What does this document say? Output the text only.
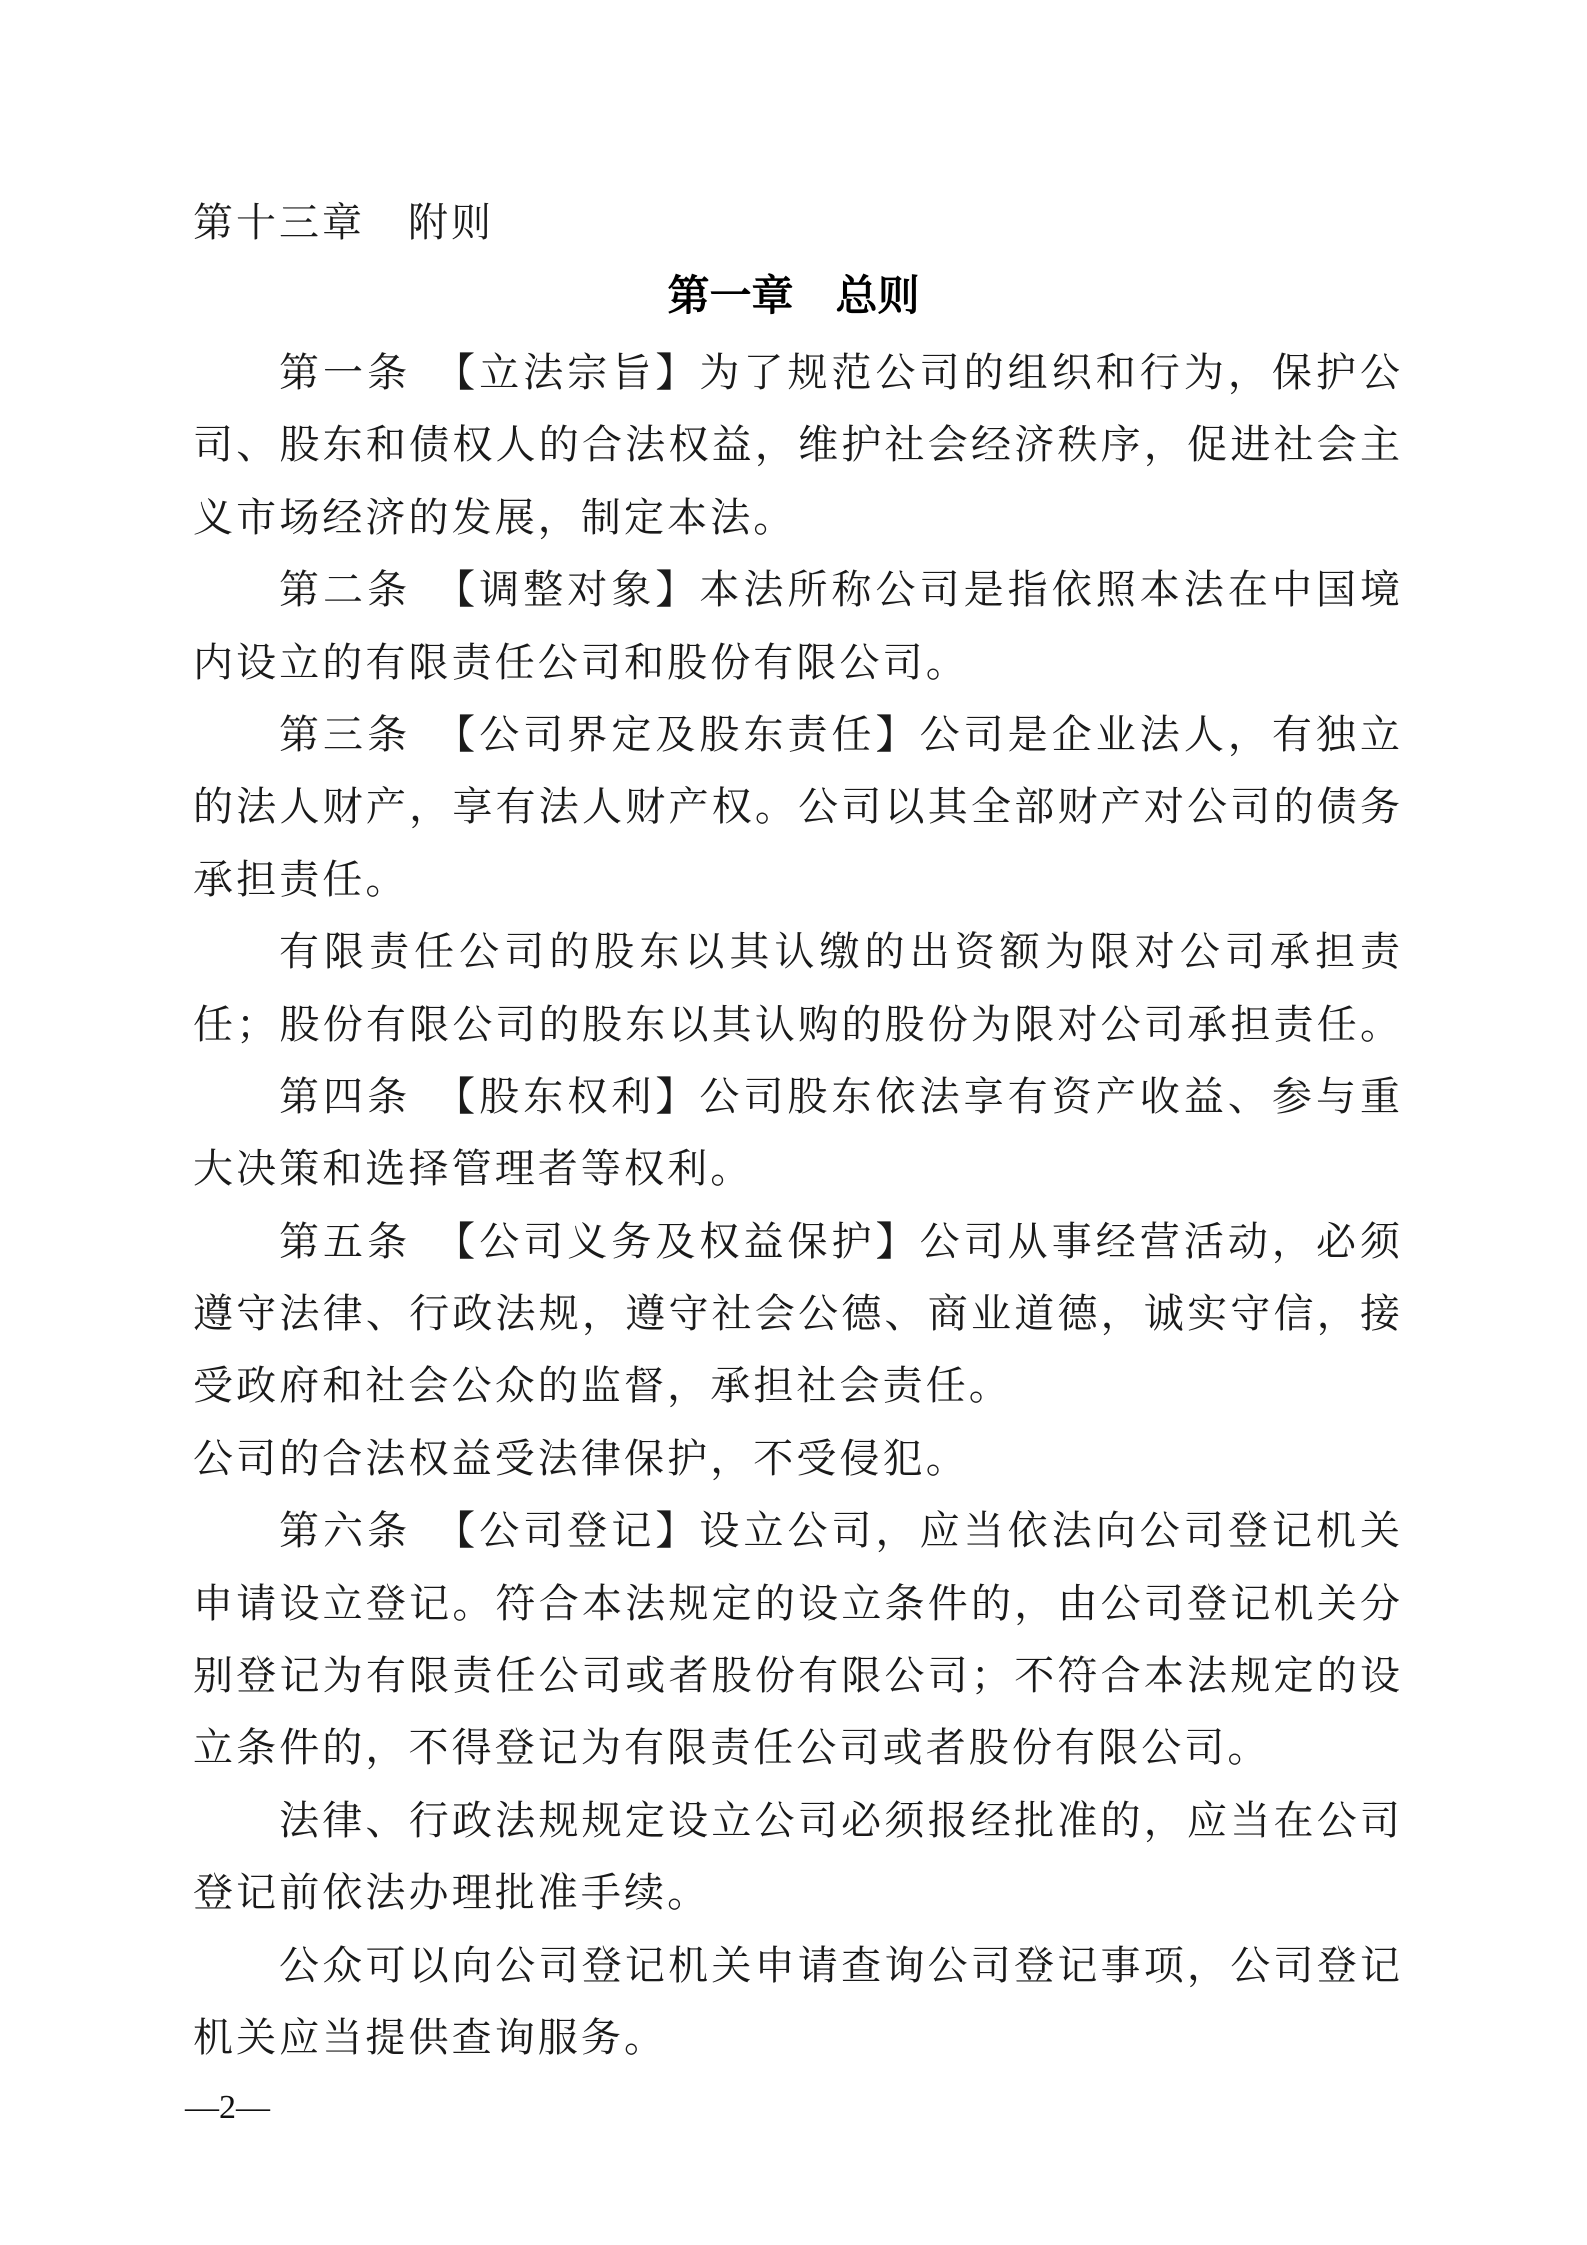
第十三章　附则
第一章　总则
第一条　【立法宗旨】为了规范公司的组织和行为，保护公
司、股东和债权人的合法权益，维护社会经济秩序，促进社会主
义市场经济的发展，制定本法。
第二条　【调整对象】本法所称公司是指依照本法在中国境
内设立的有限责任公司和股份有限公司。
第三条　【公司界定及股东责任】公司是企业法人，有独立
的法人财产，享有法人财产权。公司以其全部财产对公司的债务
承担责任。
有限责任公司的股东以其认缴的出资额为限对公司承担责
任；股份有限公司的股东以其认购的股份为限对公司承担责任。
第四条　【股东权利】公司股东依法享有资产收益、参与重
大决策和选择管理者等权利。
第五条　【公司义务及权益保护】公司从事经营活动，必须
遵守法律、行政法规，遵守社会公德、商业道德，诚实守信，接
受政府和社会公众的监督，承担社会责任。
公司的合法权益受法律保护，不受侵犯。
第六条　【公司登记】设立公司，应当依法向公司登记机关
申请设立登记。符合本法规定的设立条件的，由公司登记机关分
别登记为有限责任公司或者股份有限公司；不符合本法规定的设
立条件的，不得登记为有限责任公司或者股份有限公司。
法律、行政法规规定设立公司必须报经批准的，应当在公司
登记前依法办理批准手续。
公众可以向公司登记机关申请查询公司登记事项，公司登记
机关应当提供查询服务。
—2—
